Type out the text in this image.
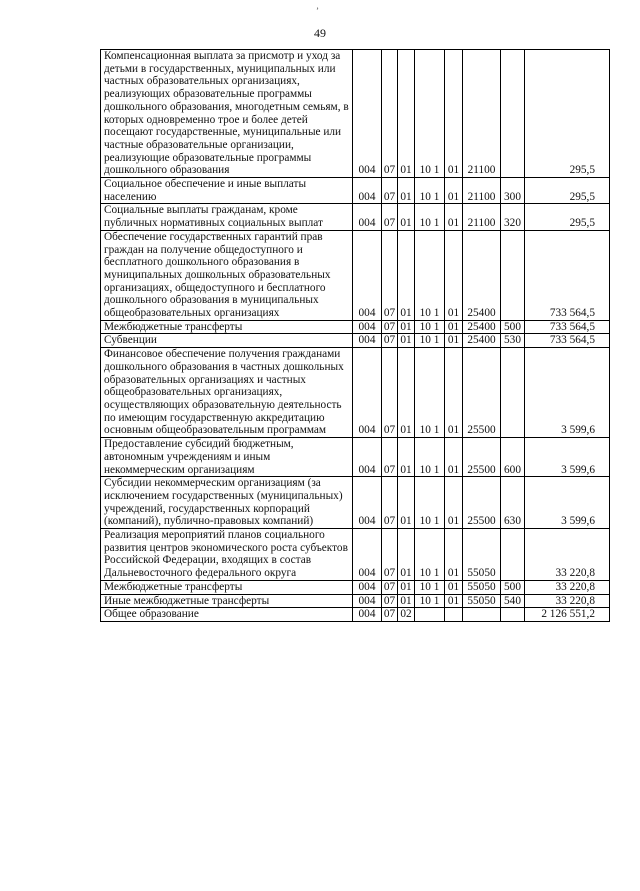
ʼ
49
Компенсационная выплата за присмотр и уход за детьми в государственных, муниципальных или частных образовательных организациях, реализующих образовательные программы дошкольного образования, многодетным семьям, в которых одновременно трое и более детей посещают государственные, муниципальные или частные образовательные организации, реализующие образовательные программы дошкольного образования	004	07	01	10 1	01	21100		295,5
Социальное обеспечение и иные выплаты населению	004	07	01	10 1	01	21100	300	295,5
Социальные выплаты гражданам, кроме публичных нормативных социальных выплат	004	07	01	10 1	01	21100	320	295,5
Обеспечение государственных гарантий прав граждан на получение общедоступного и бесплатного дошкольного образования в муниципальных дошкольных образовательных организациях, общедоступного и бесплатного дошкольного образования в муниципальных общеобразовательных организациях	004	07	01	10 1	01	25400		733 564,5
Межбюджетные трансферты	004	07	01	10 1	01	25400	500	733 564,5
Субвенции	004	07	01	10 1	01	25400	530	733 564,5
Финансовое обеспечение получения гражданами дошкольного образования в частных дошкольных образовательных организациях и частных общеобразовательных организациях, осуществляющих образовательную деятельность по имеющим государственную аккредитацию основным общеобразовательным программам	004	07	01	10 1	01	25500		3 599,6
Предоставление субсидий бюджетным, автономным учреждениям и иным некоммерческим организациям	004	07	01	10 1	01	25500	600	3 599,6
Субсидии некоммерческим организациям (за исключением государственных (муниципальных) учреждений, государственных корпораций (компаний), публично-правовых компаний)	004	07	01	10 1	01	25500	630	3 599,6
Реализация мероприятий планов социального развития центров экономического роста субъектов Российской Федерации, входящих в состав Дальневосточного федерального округа	004	07	01	10 1	01	55050		33 220,8
Межбюджетные трансферты	004	07	01	10 1	01	55050	500	33 220,8
Иные межбюджетные трансферты	004	07	01	10 1	01	55050	540	33 220,8
Общее образование	004	07	02					2 126 551,2
